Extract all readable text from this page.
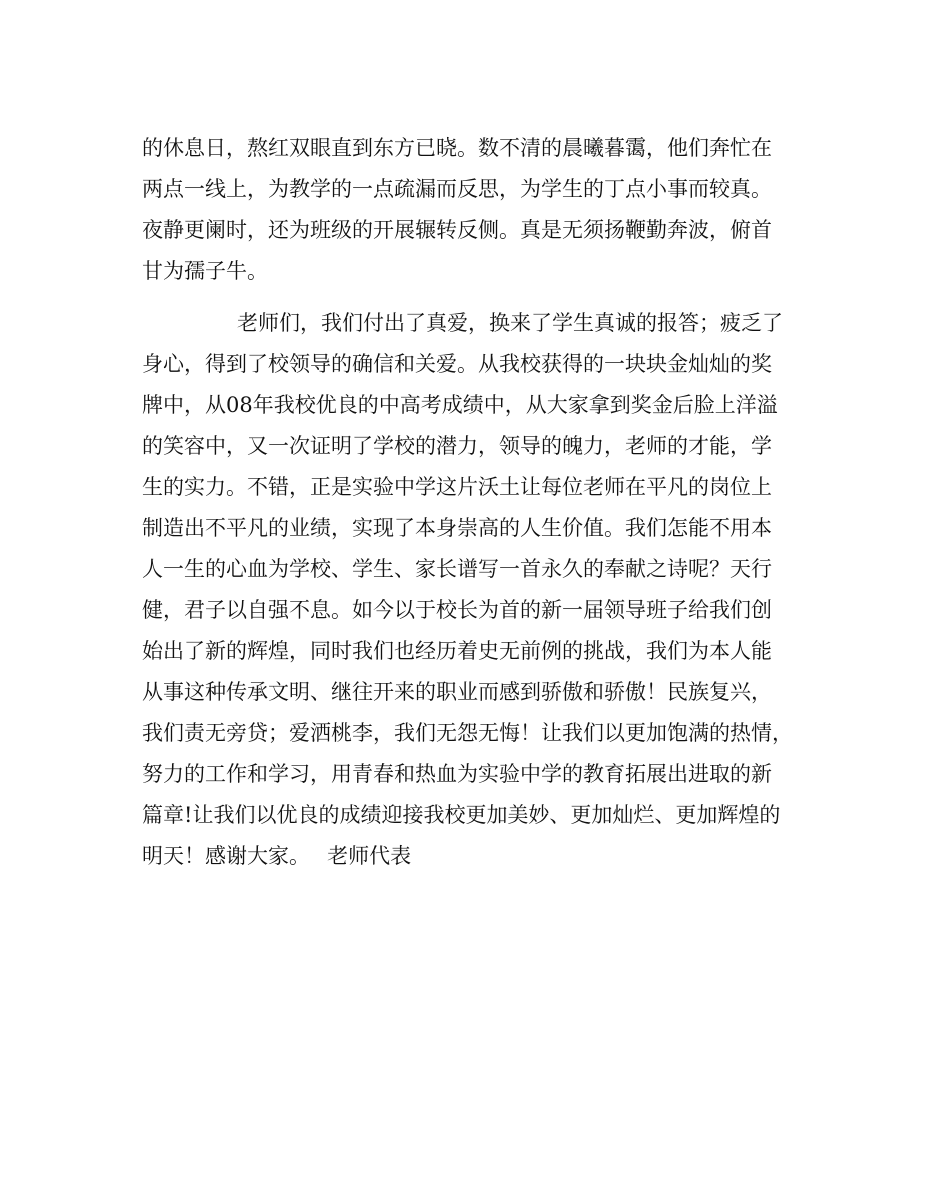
的休息日，熬红双眼直到东方已晓。数不清的晨曦暮霭，他们奔忙在
两点一线上，为教学的一点疏漏而反思，为学生的丁点小事而较真。
夜静更阑时，还为班级的开展辗转反侧。真是无须扬鞭勤奔波，俯首
甘为孺子牛。
老师们，我们付出了真爱，换来了学生真诚的报答；疲乏了
身心，得到了校领导的确信和关爱。从我校获得的一块块金灿灿的奖
牌中，从08年我校优良的中高考成绩中，从大家拿到奖金后脸上洋溢
的笑容中，又一次证明了学校的潜力，领导的魄力，老师的才能，学
生的实力。不错，正是实验中学这片沃土让每位老师在平凡的岗位上
制造出不平凡的业绩，实现了本身崇高的人生价值。我们怎能不用本
人一生的心血为学校、学生、家长谱写一首永久的奉献之诗呢？天行
健，君子以自强不息。如今以于校长为首的新一届领导班子给我们创
始出了新的辉煌，同时我们也经历着史无前例的挑战，我们为本人能
从事这种传承文明、继往开来的职业而感到骄傲和骄傲！民族复兴，
我们责无旁贷；爱洒桃李，我们无怨无悔！让我们以更加饱满的热情，
努力的工作和学习，用青春和热血为实验中学的教育拓展出进取的新
篇章!让我们以优良的成绩迎接我校更加美妙、更加灿烂、更加辉煌的
明天！感谢大家。　 老师代表
